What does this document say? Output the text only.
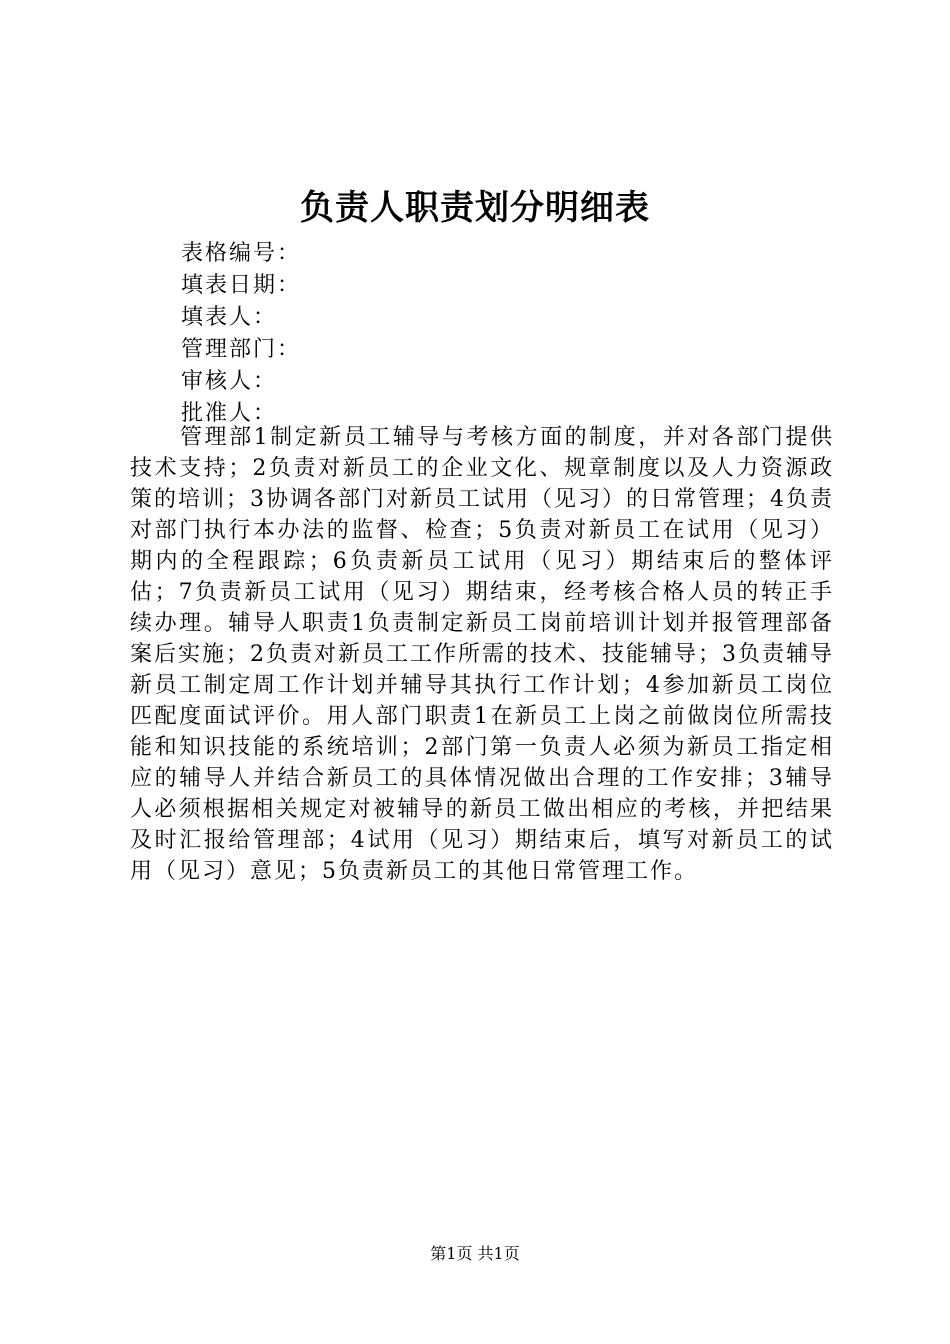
负责人职责划分明细表
表格编号：
填表日期：
填表人：
管理部门：
审核人：
批准人：
管理部1制定新员工辅导与考核方面的制度，并对各部门提供技术支持；2负责对新员工的企业文化、规章制度以及人力资源政策的培训；3协调各部门对新员工试用（见习）的日常管理；4负责对部门执行本办法的监督、检查；5负责对新员工在试用（见习）期内的全程跟踪；6负责新员工试用（见习）期结束后的整体评估；7负责新员工试用（见习）期结束，经考核合格人员的转正手续办理。辅导人职责1负责制定新员工岗前培训计划并报管理部备案后实施；2负责对新员工工作所需的技术、技能辅导；3负责辅导新员工制定周工作计划并辅导其执行工作计划；4参加新员工岗位匹配度面试评价。用人部门职责1在新员工上岗之前做岗位所需技能和知识技能的系统培训；2部门第一负责人必须为新员工指定相应的辅导人并结合新员工的具体情况做出合理的工作安排；3辅导人必须根据相关规定对被辅导的新员工做出相应的考核，并把结果及时汇报给管理部；4试用（见习）期结束后，填写对新员工的试用（见习）意见；5负责新员工的其他日常管理工作。
第1页 共1页
